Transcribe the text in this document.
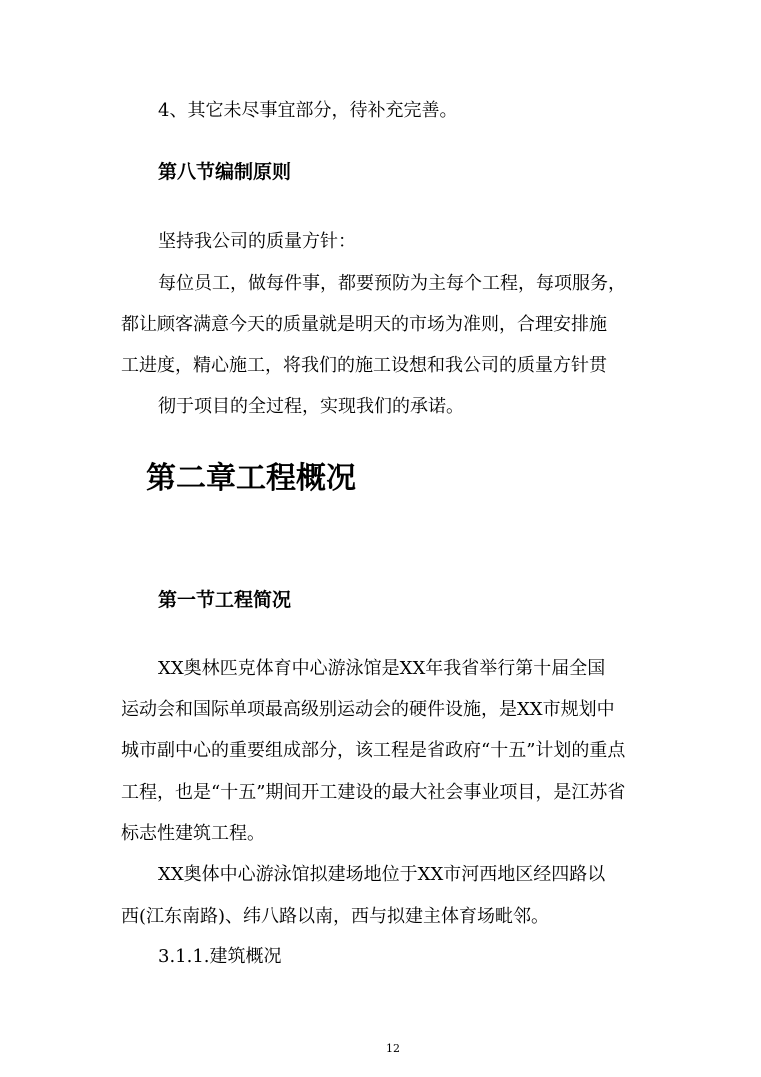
4、其它未尽事宜部分，待补充完善。
第八节编制原则
坚持我公司的质量方针：
每位员工，做每件事，都要预防为主每个工程，每项服务，
都让顾客满意今天的质量就是明天的市场为准则，合理安排施
工进度，精心施工，将我们的施工设想和我公司的质量方针贯
彻于项目的全过程，实现我们的承诺。
第二章工程概况
第一节工程简况
XX奥林匹克体育中心游泳馆是XX年我省举行第十届全国
运动会和国际单项最高级别运动会的硬件设施，是XX市规划中
城市副中心的重要组成部分，该工程是省政府“十五”计划的重点
工程，也是“十五”期间开工建设的最大社会事业项目，是江苏省
标志性建筑工程。
XX奥体中心游泳馆拟建场地位于XX市河西地区经四路以
西(江东南路)、纬八路以南，西与拟建主体育场毗邻。
3.1.1.建筑概况
12
